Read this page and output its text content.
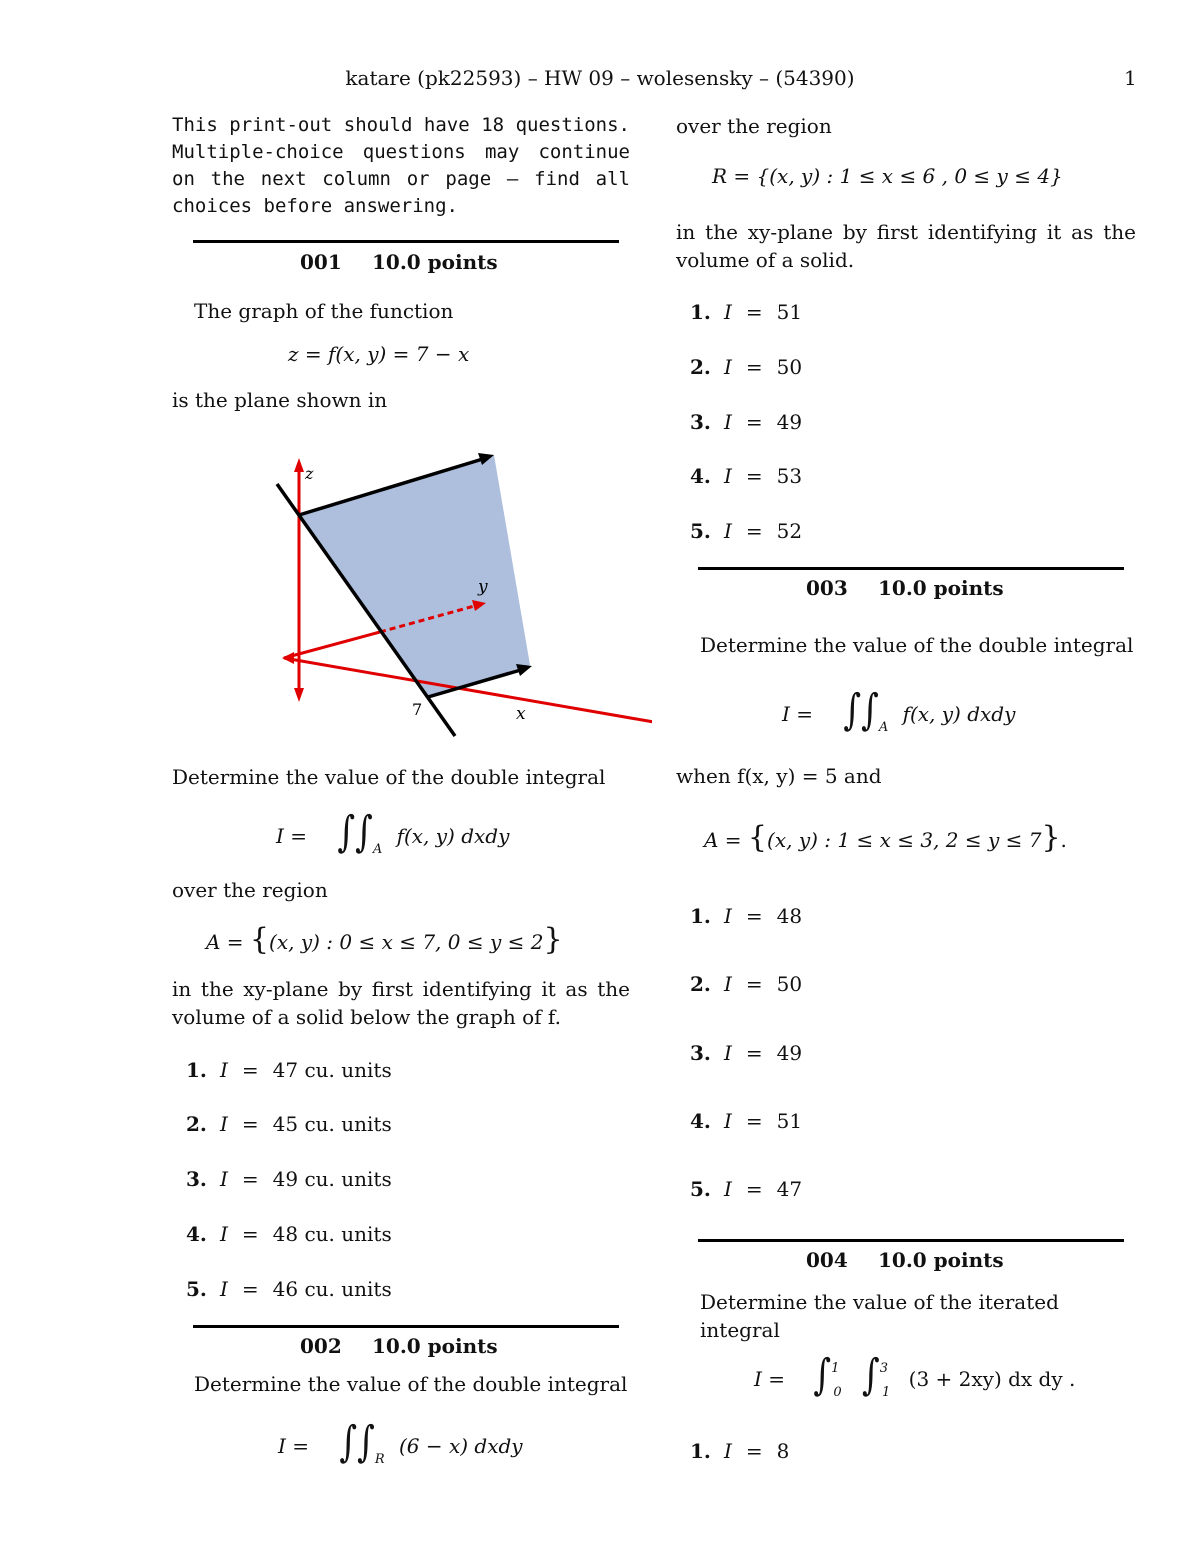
katare (pk22593) – HW 09 – wolesensky – (54390)	1
This print-out should have 18 questions. Multiple-choice questions may continue on the next column or page – find all choices before answering.
001 10.0 points
The graph of the function
z = f(x, y) = 7 − x
is the plane shown in
z
y
x
7
Determine the value of the double integral
$I = \int\int_A$ f(x, y) dxdy
over the region
A = {(x, y) : 0 ≤ x ≤ 7, 0 ≤ y ≤ 2}
in the xy-plane by first identifying it as the volume of a solid below the graph of f.
1. I = 47 cu. units
2. I = 45 cu. units
3. I = 49 cu. units
4. I = 48 cu. units
5. I = 46 cu. units
002 10.0 points
Determine the value of the double integral
$I = \int\int_R$ (6 − x) dxdy
over the region
R = {(x, y) : 1 ≤ x ≤ 6 , 0 ≤ y ≤ 4}
in the xy-plane by first identifying it as the volume of a solid.
1. I = 51
2. I = 50
3. I = 49
4. I = 53
5. I = 52
003 10.0 points
Determine the value of the double integral
$I = \int\int_A$ f(x, y) dxdy
when f(x, y) = 5 and
A = {(x, y) : 1 ≤ x ≤ 3, 2 ≤ y ≤ 7}.
1. I = 48
2. I = 50
3. I = 49
4. I = 51
5. I = 47
004 10.0 points
Determine the value of the iterated integral
I = ∫$^1_0$ ∫$^3_1$ (3 + 2xy) dx dy .
1. I = 8
